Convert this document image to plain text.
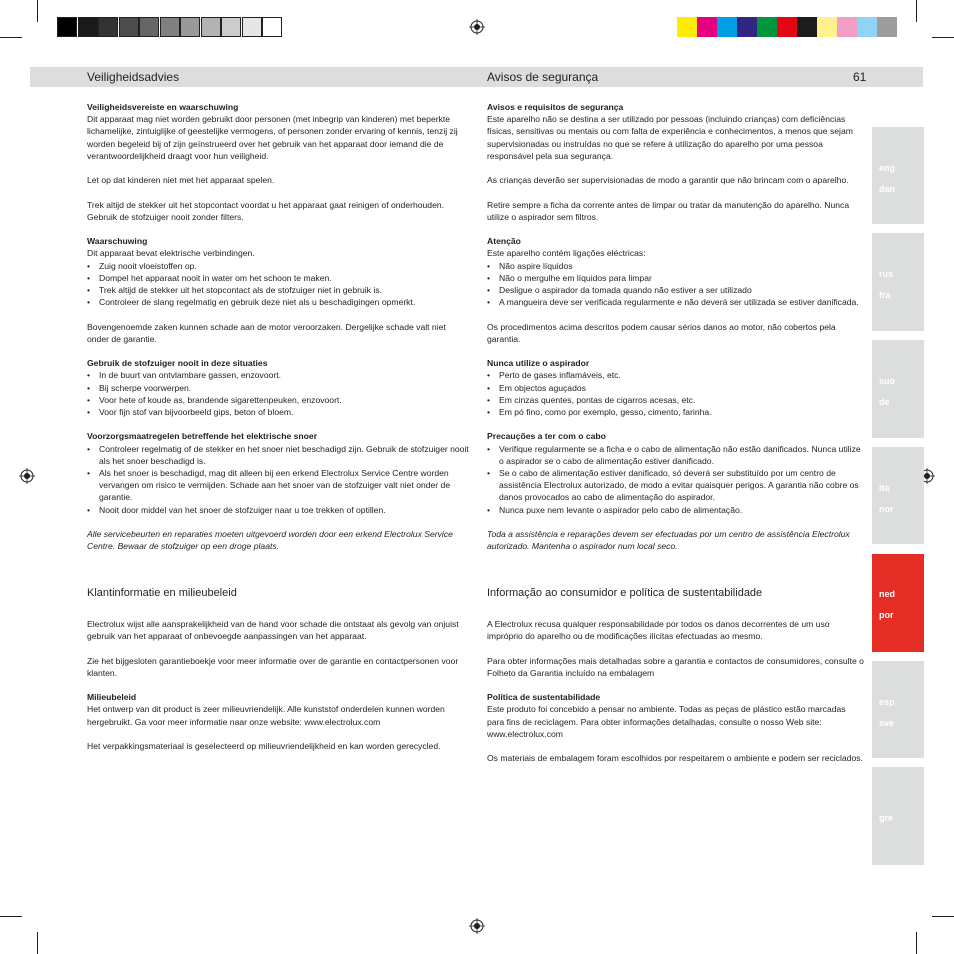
Veiligheidsadvies	Avisos de segurança	61

Veiligheidsvereiste en waarschuwing

Dit apparaat mag niet worden gebruikt door personen (met inbegrip van kinderen) met beperkte lichamelijke, zintuiglijke of geestelijke vermogens, of personen zonder ervaring of kennis, tenzij zij worden begeleid bij of zijn geïnstrueerd over het gebruik van het apparaat door iemand die de verantwoordelijkheid draagt voor hun veiligheid.

Let op dat kinderen niet met het apparaat spelen.

Trek altijd de stekker uit het stopcontact voordat u het apparaat gaat reinigen of onderhouden. Gebruik de stofzuiger nooit zonder filters.

Waarschuwing

Dit apparaat bevat elektrische verbindingen.

• Zuig nooit vloeistoffen op.
• Dompel het apparaat nooit in water om het schoon te maken.
• Trek altijd de stekker uit het stopcontact als de stofzuiger niet in gebruik is.
• Controleer de slang regelmatig en gebruik deze niet als u beschadigingen opmerkt.

Bovengenoemde zaken kunnen schade aan de motor veroorzaken. Dergelijke schade valt niet onder de garantie.

Gebruik de stofzuiger nooit in deze situaties

• In de buurt van ontvlambare gassen, enzovoort.
• Bij scherpe voorwerpen.
• Voor hete of koude as, brandende sigarettenpeuken, enzovoort.
• Voor fijn stof van bijvoorbeeld gips, beton of bloem.

Voorzorgsmaatregelen betreffende het elektrische snoer

• Controleer regelmatig of de stekker en het snoer niet beschadigd zijn. Gebruik de stofzuiger nooit als het snoer beschadigd is.
• Als het snoer is beschadigd, mag dit alleen bij een erkend Electrolux Service Centre worden vervangen om risico te vermijden. Schade aan het snoer van de stofzuiger valt niet onder de garantie.
• Nooit door middel van het snoer de stofzuiger naar u toe trekken of optillen.

Alle servicebeurten en reparaties moeten uitgevoerd worden door een erkend Electrolux Service Centre. Bewaar de stofzuiger op een droge plaats.

Klantinformatie en milieubeleid

Electrolux wijst alle aansprakelijkheid van de hand voor schade die ontstaat als gevolg van onjuist gebruik van het apparaat of onbevoegde aanpassingen van het apparaat.

Zie het bijgesloten garantieboekje voor meer informatie over de garantie en contactpersonen voor klanten.

Milieubeleid

Het ontwerp van dit product is zeer milieuvriendelijk. Alle kunststof onderdelen kunnen worden hergebruikt. Ga voor meer informatie naar onze website: www.electrolux.com

Het verpakkingsmateriaal is geselecteerd op milieuvriendelijkheid en kan worden gerecycled.

Avisos e requisitos de segurança

Este aparelho não se destina a ser utilizado por pessoas (incluindo crianças) com deficiências físicas, sensitivas ou mentais ou com falta de experiência e conhecimentos, a menos que sejam supervisionadas ou instruídas no que se refere à utilização do aparelho por uma pessoa responsável pela sua segurança.

As crianças deverão ser supervisionadas de modo a garantir que não brincam com o aparelho.

Retire sempre a ficha da corrente antes de limpar ou tratar da manutenção do aparelho. Nunca utilize o aspirador sem filtros.

Atenção

Este aparelho contém ligações eléctricas:

• Não aspire líquidos
• Não o mergulhe em líquidos para limpar
• Desligue o aspirador da tomada quando não estiver a ser utilizado
• A mangueira deve ser verificada regularmente e não deverá ser utilizada se estiver danificada.

Os procedimentos acima descritos podem causar sérios danos ao motor, não cobertos pela garantia.

Nunca utilize o aspirador

• Perto de gases inflamáveis, etc.
• Em objectos aguçados
• Em cinzas quentes, pontas de cigarros acesas, etc.
• Em pó fino, como por exemplo, gesso, cimento, farinha.

Precauções a ter com o cabo

• Verifique regularmente se a ficha e o cabo de alimentação não estão danificados. Nunca utilize o aspirador se o cabo de alimentação estiver danificado.
• Se o cabo de alimentação estiver danificado, só deverá ser substituído por um centro de assistência Electrolux autorizado, de modo a evitar quaisquer perigos. A garantia não cobre os danos provocados ao cabo de alimentação do aspirador.
• Nunca puxe nem levante o aspirador pelo cabo de alimentação.

Toda a assistência e reparações devem ser efectuadas por um centro de assistência Electrolux autorizado. Mantenha o aspirador num local seco.

Informação ao consumidor e política de sustentabilidade

A Electrolux recusa qualquer responsabilidade por todos os danos decorrentes de um uso impróprio do aparelho ou de modificações ilícitas efectuadas ao mesmo.

Para obter informações mais detalhadas sobre a garantia e contactos de consumidores, consulte o Folheto da Garantia incluído na embalagem

Política de sustentabilidade

Este produto foi concebido a pensar no ambiente. Todas as peças de plástico estão marcadas para fins de reciclagem. Para obter informações detalhadas, consulte o nosso Web site: www.electrolux.com

Os materiais de embalagem foram escolhidos por respeitarem o ambiente e podem ser reciclados.

eng
dan
rus
fra
suo
de
ita
nor
ned
por
esp
sve
gre
